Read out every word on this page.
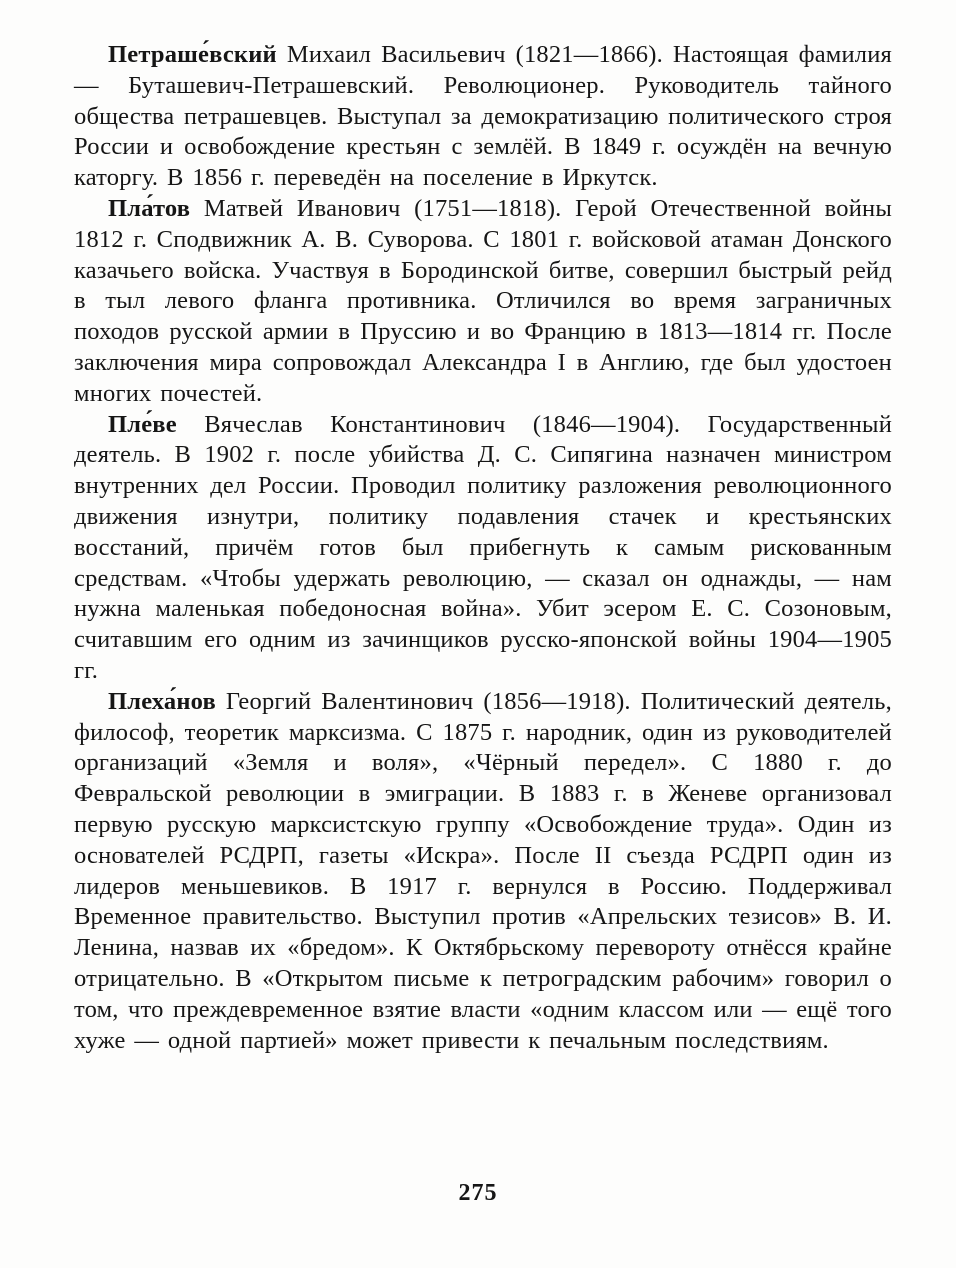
Петраше́вский Михаил Васильевич (1821—1866). Настоящая фамилия — Буташевич-Петрашевский. Революционер. Руководитель тайного общества петрашевцев. Выступал за демократизацию политического строя России и освобождение крестьян с землёй. В 1849 г. осуждён на вечную каторгу. В 1856 г. переведён на поселение в Иркутск.

Пла́тов Матвей Иванович (1751—1818). Герой Отечественной войны 1812 г. Сподвижник А. В. Суворова. С 1801 г. войсковой атаман Донского казачьего войска. Участвуя в Бородинской битве, совершил быстрый рейд в тыл левого фланга противника. Отличился во время заграничных походов русской армии в Пруссию и во Францию в 1813—1814 гг. После заключения мира сопровождал Александра I в Англию, где был удостоен многих почестей.

Пле́ве Вячеслав Константинович (1846—1904). Государственный деятель. В 1902 г. после убийства Д. С. Сипягина назначен министром внутренних дел России. Проводил политику разложения революционного движения изнутри, политику подавления стачек и крестьянских восстаний, причём готов был прибегнуть к самым рискованным средствам. «Чтобы удержать революцию, — сказал он однажды, — нам нужна маленькая победоносная война». Убит эсером Е. С. Созоновым, считавшим его одним из зачинщиков русско-японской войны 1904—1905 гг.

Плеха́нов Георгий Валентинович (1856—1918). Политический деятель, философ, теоретик марксизма. С 1875 г. народник, один из руководителей организаций «Земля и воля», «Чёрный передел». С 1880 г. до Февральской революции в эмиграции. В 1883 г. в Женеве организовал первую русскую марксистскую группу «Освобождение труда». Один из основателей РСДРП, газеты «Искра». После II съезда РСДРП один из лидеров меньшевиков. В 1917 г. вернулся в Россию. Поддерживал Временное правительство. Выступил против «Апрельских тезисов» В. И. Ленина, назвав их «бредом». К Октябрьскому перевороту отнёсся крайне отрицательно. В «Открытом письме к петроградским рабочим» говорил о том, что преждевременное взятие власти «одним классом или — ещё того хуже — одной партией» может привести к печальным последствиям.

275
